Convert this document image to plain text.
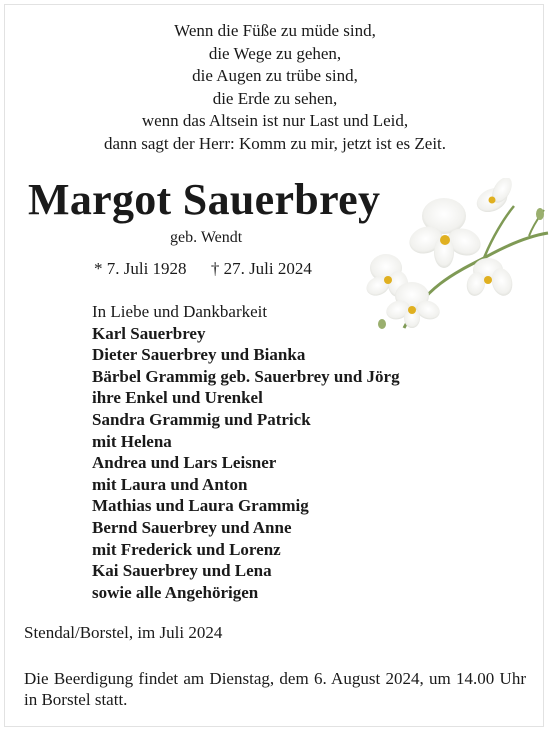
Wenn die Füße zu müde sind,
die Wege zu gehen,
die Augen zu trübe sind,
die Erde zu sehen,
wenn das Altsein ist nur Last und Leid,
dann sagt der Herr: Komm zu mir, jetzt ist es Zeit.
Margot Sauerbrey
geb. Wendt
* 7. Juli 1928 † 27. Juli 2024
In Liebe und Dankbarkeit
Karl Sauerbrey
Dieter Sauerbrey und Bianka
Bärbel Grammig geb. Sauerbrey und Jörg
ihre Enkel und Urenkel
Sandra Grammig und Patrick
mit Helena
Andrea und Lars Leisner
mit Laura und Anton
Mathias und Laura Grammig
Bernd Sauerbrey und Anne
mit Frederick und Lorenz
Kai Sauerbrey und Lena
sowie alle Angehörigen
Stendal/Borstel, im Juli 2024
Die Beerdigung findet am Dienstag, dem 6. August 2024, um 14.00 Uhr in Borstel statt.
